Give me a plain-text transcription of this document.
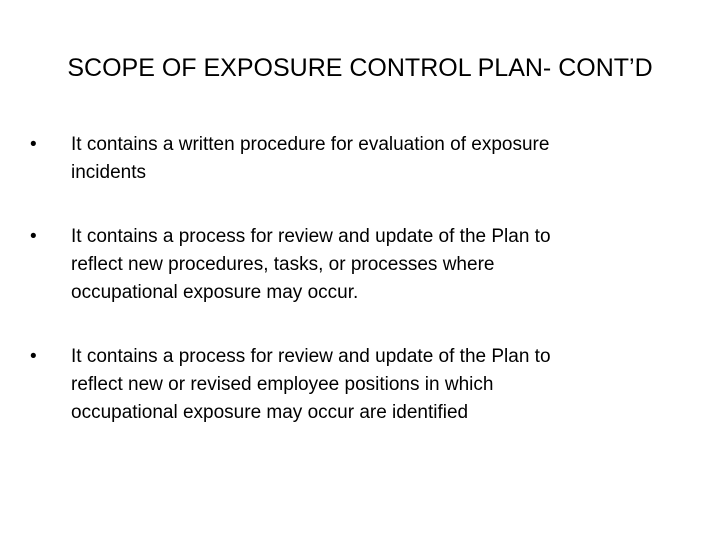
SCOPE OF EXPOSURE CONTROL PLAN- CONT’D
•	It contains a written procedure for evaluation of exposure
incidents
•	It contains a process for review and update of the Plan to
reflect new procedures, tasks, or processes where
occupational exposure may occur.
•	It contains a process for review and update of the Plan to
reflect new or revised employee positions in which
occupational exposure may occur are identified
